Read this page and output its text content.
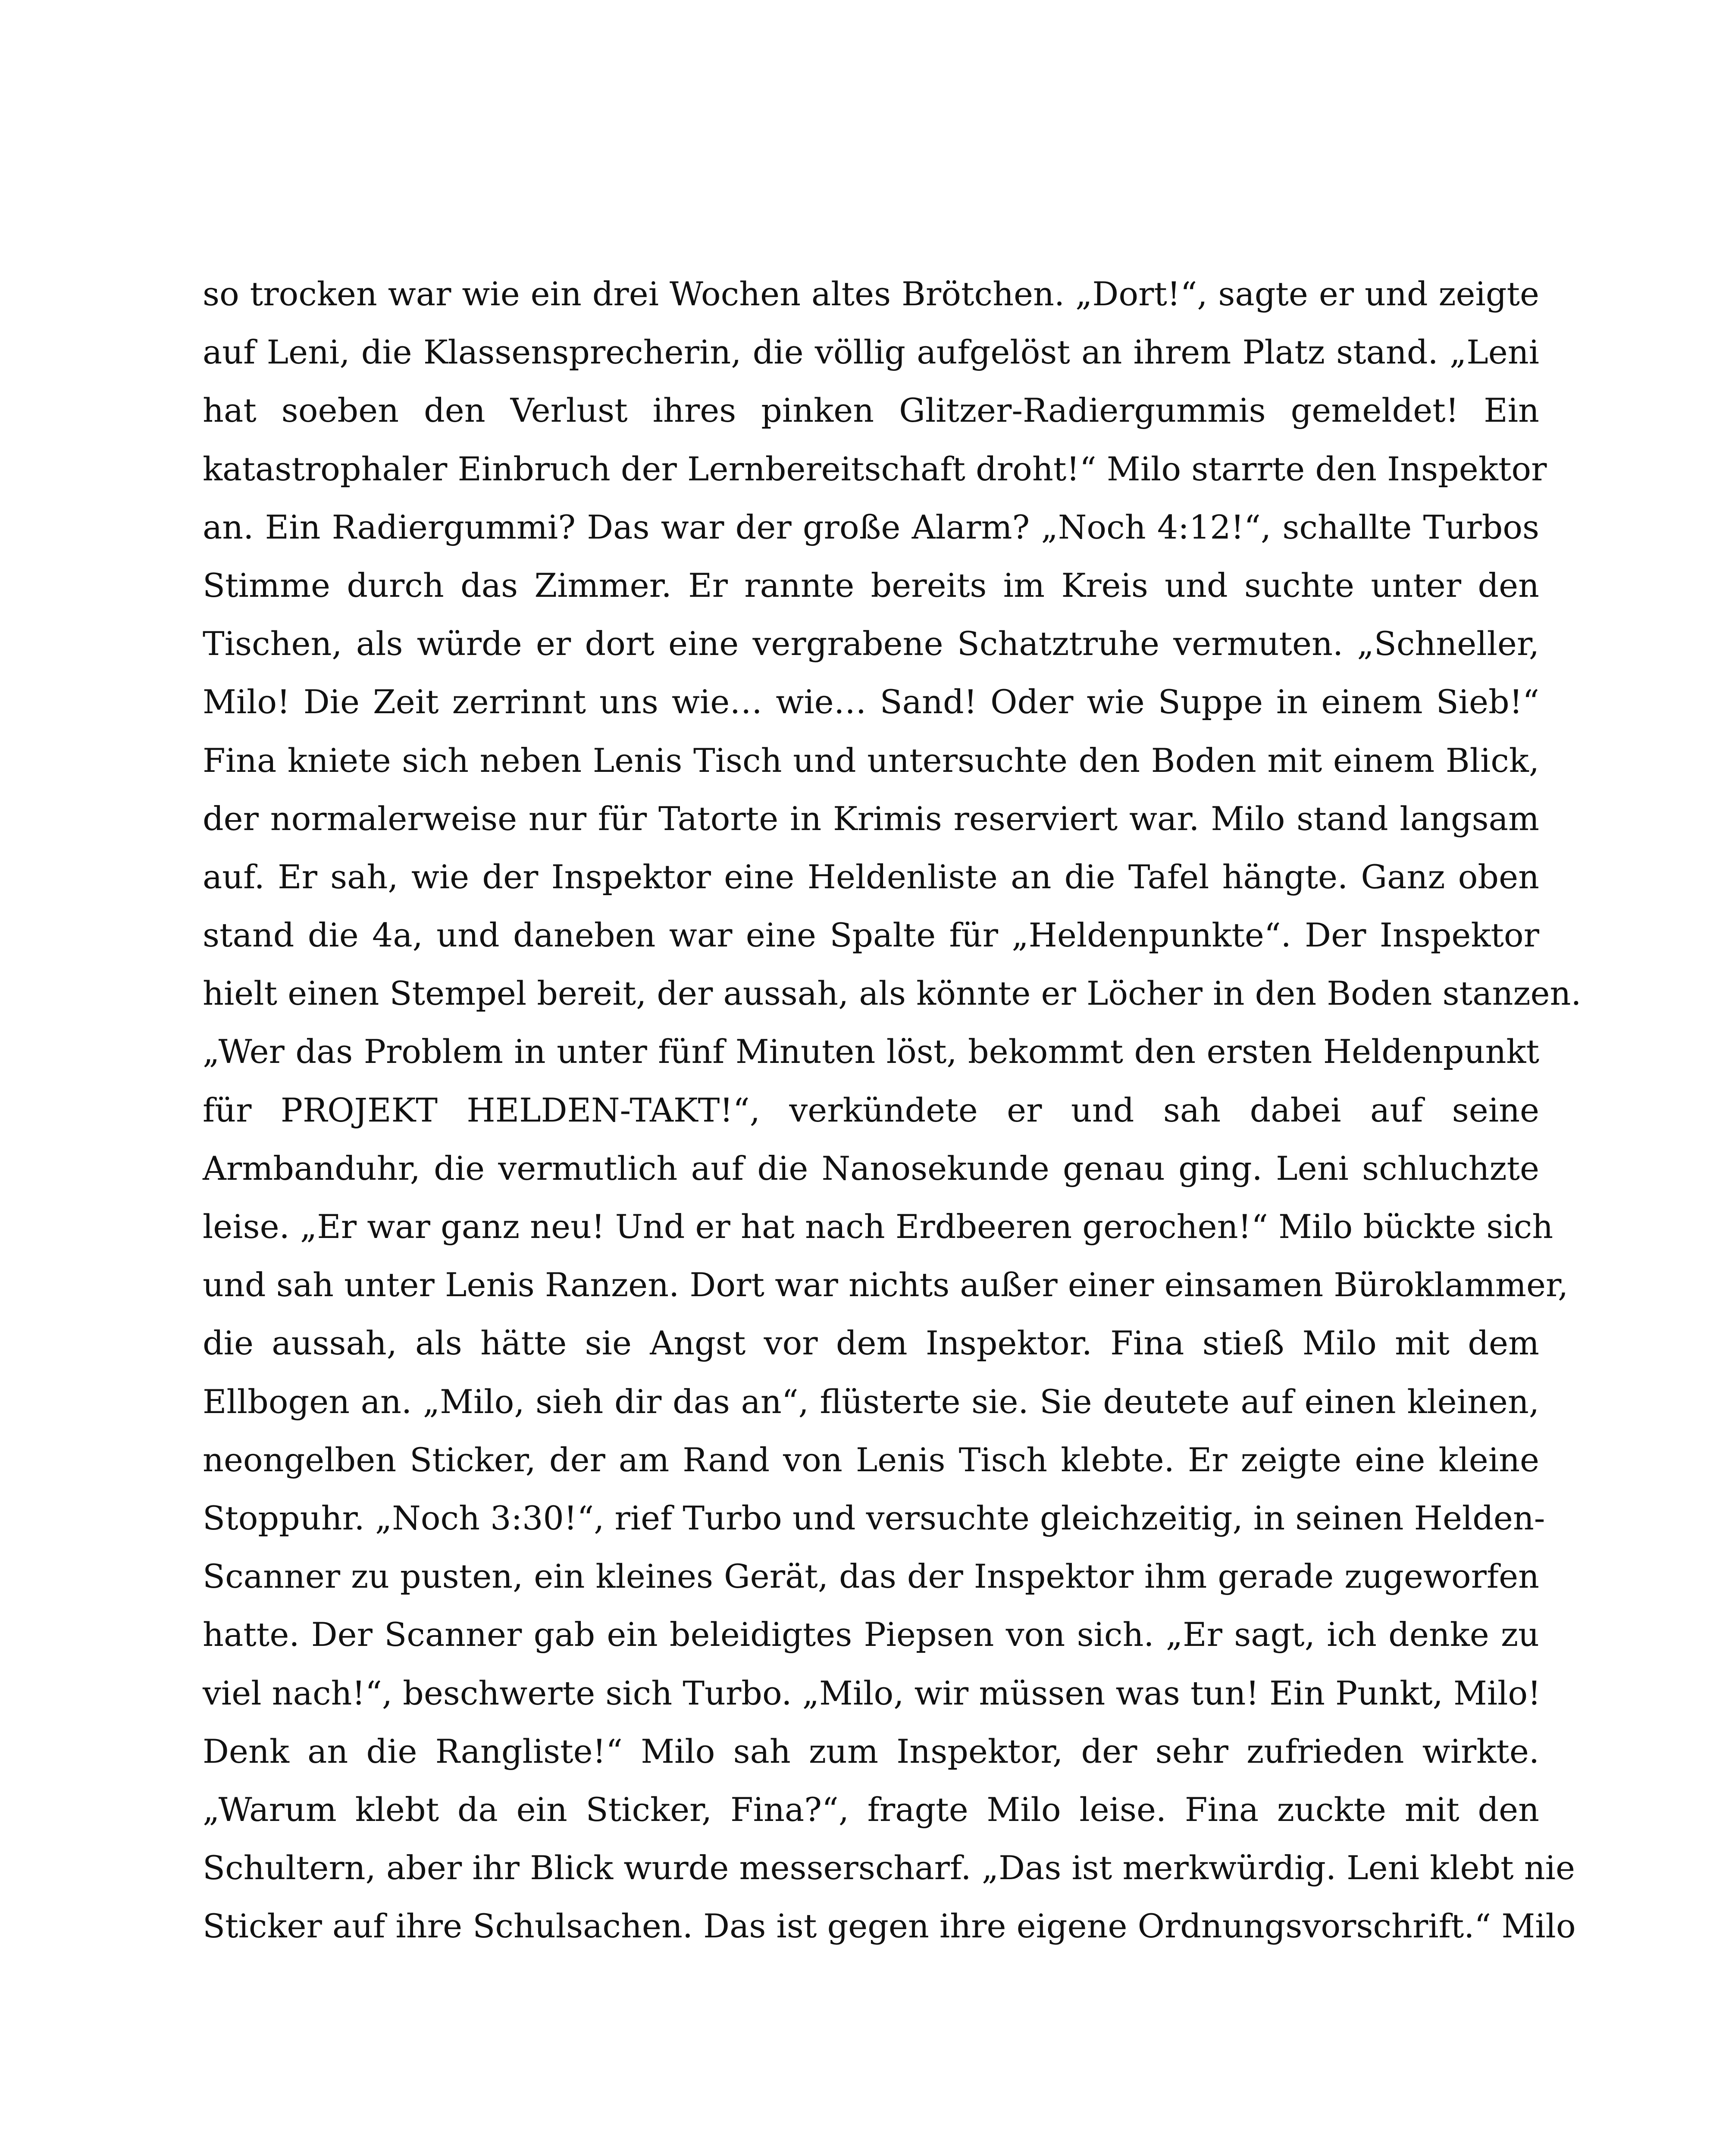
so trocken war wie ein drei Wochen altes Brötchen. „Dort!“, sagte er und zeigte
auf Leni, die Klassensprecherin, die völlig aufgelöst an ihrem Platz stand. „Leni
hat soeben den Verlust ihres pinken Glitzer-Radiergummis gemeldet! Ein
katastrophaler Einbruch der Lernbereitschaft droht!“ Milo starrte den Inspektor
an. Ein Radiergummi? Das war der große Alarm? „Noch 4:12!“, schallte Turbos
Stimme durch das Zimmer. Er rannte bereits im Kreis und suchte unter den
Tischen, als würde er dort eine vergrabene Schatztruhe vermuten. „Schneller,
Milo! Die Zeit zerrinnt uns wie… wie… Sand! Oder wie Suppe in einem Sieb!“
Fina kniete sich neben Lenis Tisch und untersuchte den Boden mit einem Blick,
der normalerweise nur für Tatorte in Krimis reserviert war. Milo stand langsam
auf. Er sah, wie der Inspektor eine Heldenliste an die Tafel hängte. Ganz oben
stand die 4a, und daneben war eine Spalte für „Heldenpunkte“. Der Inspektor
hielt einen Stempel bereit, der aussah, als könnte er Löcher in den Boden stanzen.
„Wer das Problem in unter fünf Minuten löst, bekommt den ersten Heldenpunkt
für PROJEKT HELDEN-TAKT!“, verkündete er und sah dabei auf seine
Armbanduhr, die vermutlich auf die Nanosekunde genau ging. Leni schluchzte
leise. „Er war ganz neu! Und er hat nach Erdbeeren gerochen!“ Milo bückte sich
und sah unter Lenis Ranzen. Dort war nichts außer einer einsamen Büroklammer,
die aussah, als hätte sie Angst vor dem Inspektor. Fina stieß Milo mit dem
Ellbogen an. „Milo, sieh dir das an“, flüsterte sie. Sie deutete auf einen kleinen,
neongelben Sticker, der am Rand von Lenis Tisch klebte. Er zeigte eine kleine
Stoppuhr. „Noch 3:30!“, rief Turbo und versuchte gleichzeitig, in seinen Helden-
Scanner zu pusten, ein kleines Gerät, das der Inspektor ihm gerade zugeworfen
hatte. Der Scanner gab ein beleidigtes Piepsen von sich. „Er sagt, ich denke zu
viel nach!“, beschwerte sich Turbo. „Milo, wir müssen was tun! Ein Punkt, Milo!
Denk an die Rangliste!“ Milo sah zum Inspektor, der sehr zufrieden wirkte.
„Warum klebt da ein Sticker, Fina?“, fragte Milo leise. Fina zuckte mit den
Schultern, aber ihr Blick wurde messerscharf. „Das ist merkwürdig. Leni klebt nie
Sticker auf ihre Schulsachen. Das ist gegen ihre eigene Ordnungsvorschrift.“ Milo
